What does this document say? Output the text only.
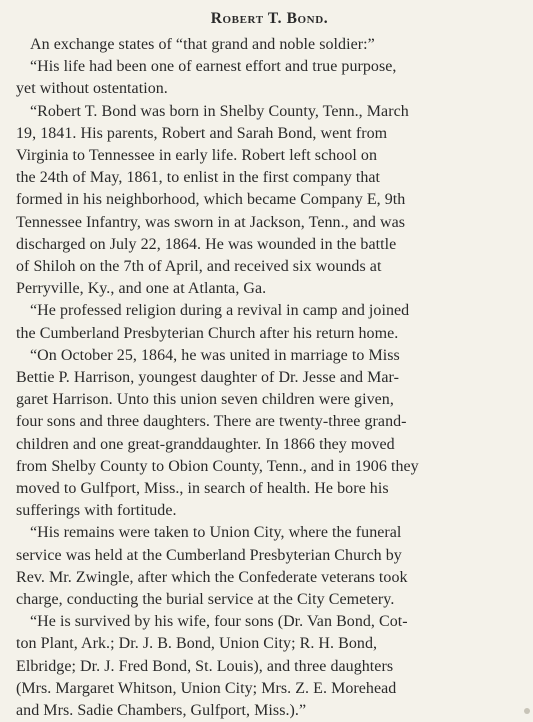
Robert T. Bond.

An exchange states of “that grand and noble soldier:”

“His life had been one of earnest effort and true purpose,
yet without ostentation.

“Robert T. Bond was born in Shelby County, Tenn., March
19, 1841. His parents, Robert and Sarah Bond, went from
Virginia to Tennessee in early life. Robert left school on
the 24th of May, 1861, to enlist in the first company that
formed in his neighborhood, which became Company E, 9th
Tennessee Infantry, was sworn in at Jackson, Tenn., and was
discharged on July 22, 1864. He was wounded in the battle
of Shiloh on the 7th of April, and received six wounds at
Perryville, Ky., and one at Atlanta, Ga.

“He professed religion during a revival in camp and joined
the Cumberland Presbyterian Church after his return home.

“On October 25, 1864, he was united in marriage to Miss
Bettie P. Harrison, youngest daughter of Dr. Jesse and Mar-
garet Harrison. Unto this union seven children were given,
four sons and three daughters. There are twenty-three grand-
children and one great-granddaughter. In 1866 they moved
from Shelby County to Obion County, Tenn., and in 1906 they
moved to Gulfport, Miss., in search of health. He bore his
sufferings with fortitude.

“His remains were taken to Union City, where the funeral
service was held at the Cumberland Presbyterian Church by
Rev. Mr. Zwingle, after which the Confederate veterans took
charge, conducting the burial service at the City Cemetery.

“He is survived by his wife, four sons (Dr. Van Bond, Cot-
ton Plant, Ark.; Dr. J. B. Bond, Union City; R. H. Bond,
Elbridge; Dr. J. Fred Bond, St. Louis), and three daughters
(Mrs. Margaret Whitson, Union City; Mrs. Z. E. Morehead
and Mrs. Sadie Chambers, Gulfport, Miss.).”
